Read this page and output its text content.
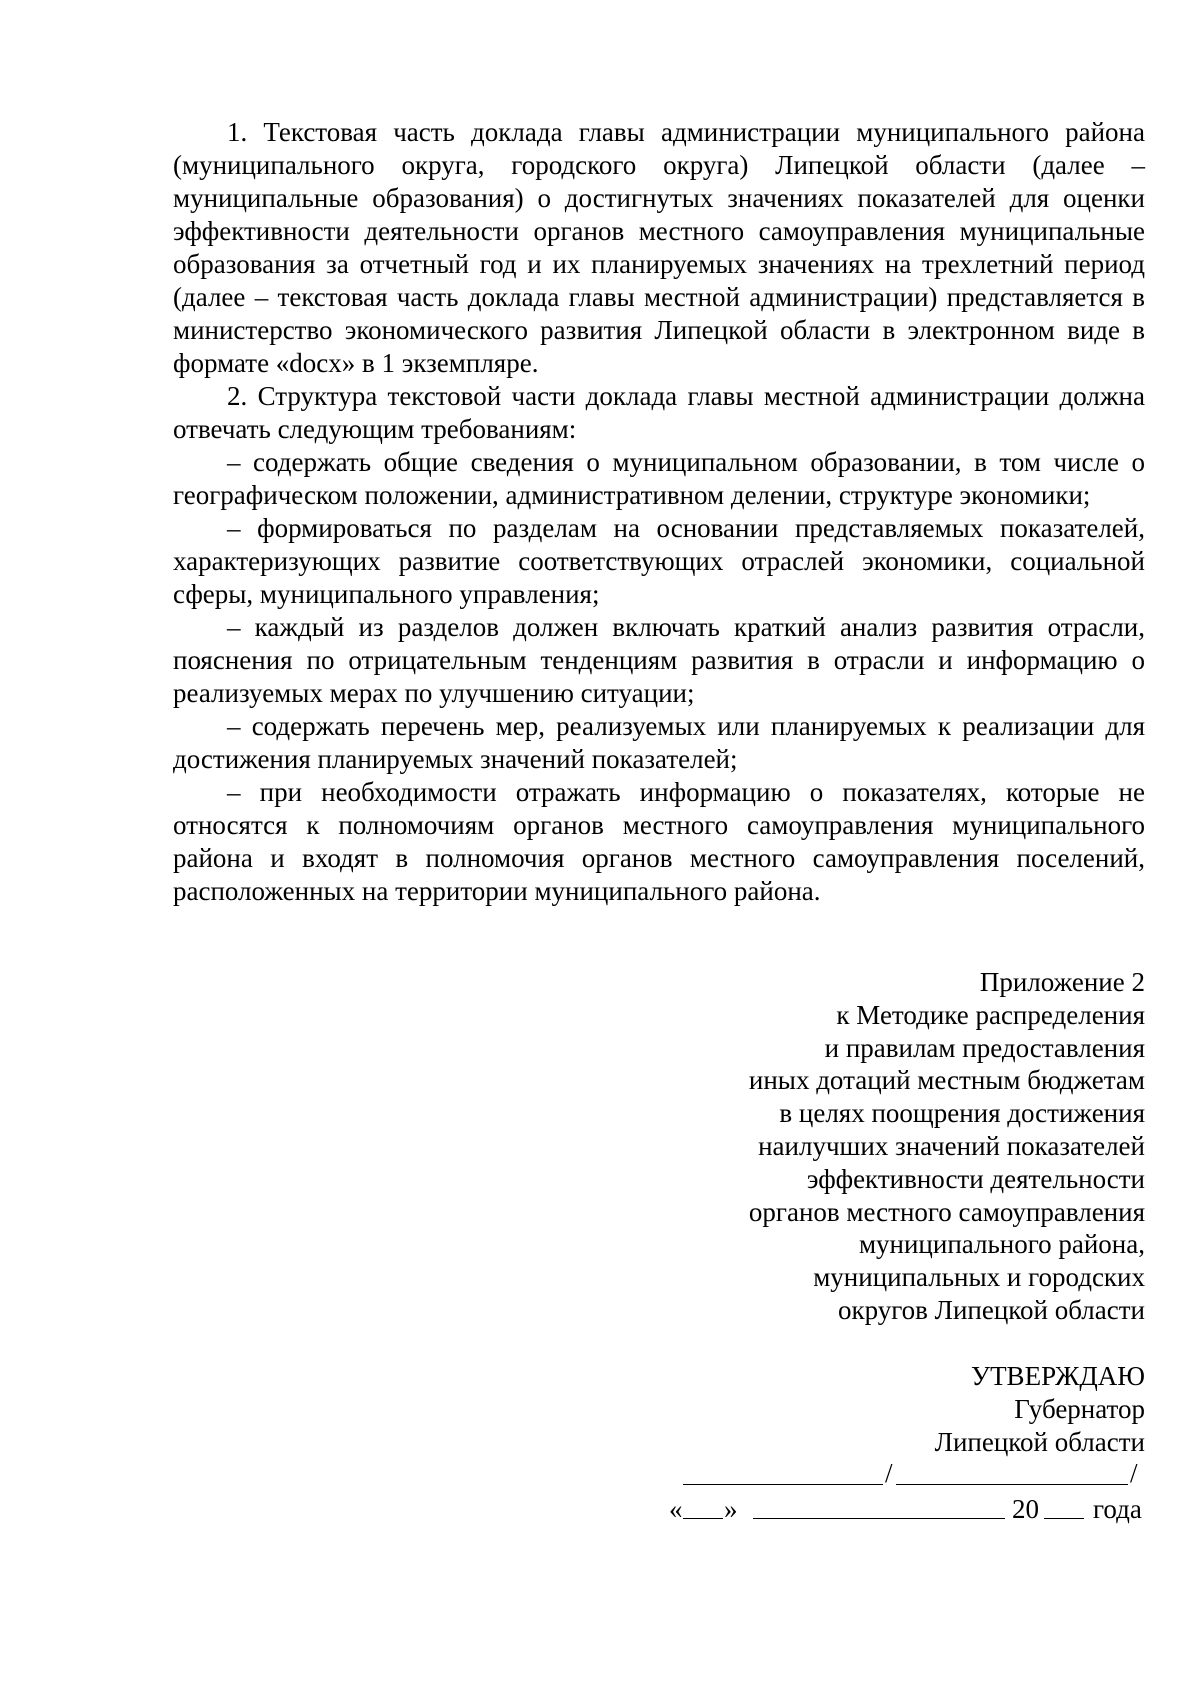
1. Текстовая часть доклада главы администрации муниципального района (муниципального округа, городского округа) Липецкой области (далее – муниципальные образования) о достигнутых значениях показателей для оценки эффективности деятельности органов местного самоуправления муниципальные образования за отчетный год и их планируемых значениях на трехлетний период (далее – текстовая часть доклада главы местной администрации) представляется в министерство экономического развития Липецкой области в электронном виде в формате «docx» в 1 экземпляре.

2. Структура текстовой части доклада главы местной администрации должна отвечать следующим требованиям:

– содержать общие сведения о муниципальном образовании, в том числе о географическом положении, административном делении, структуре экономики;

– формироваться по разделам на основании представляемых показателей, характеризующих развитие соответствующих отраслей экономики, социальной сферы, муниципального управления;

– каждый из разделов должен включать краткий анализ развития отрасли, пояснения по отрицательным тенденциям развития в отрасли и информацию о реализуемых мерах по улучшению ситуации;

– содержать перечень мер, реализуемых или планируемых к реализации для достижения планируемых значений показателей;

– при необходимости отражать информацию о показателях, которые не относятся к полномочиям органов местного самоуправления муниципального района и входят в полномочия органов местного самоуправления поселений, расположенных на территории муниципального района.

Приложение 2
к Методике распределения
и правилам предоставления
иных дотаций местным бюджетам
в целях поощрения достижения
наилучших значений показателей
эффективности деятельности
органов местного самоуправления
муниципального района,
муниципальных и городских
округов Липецкой области
УТВЕРЖДАЮ
Губернатор
Липецкой области
/	/
« »	20 года
